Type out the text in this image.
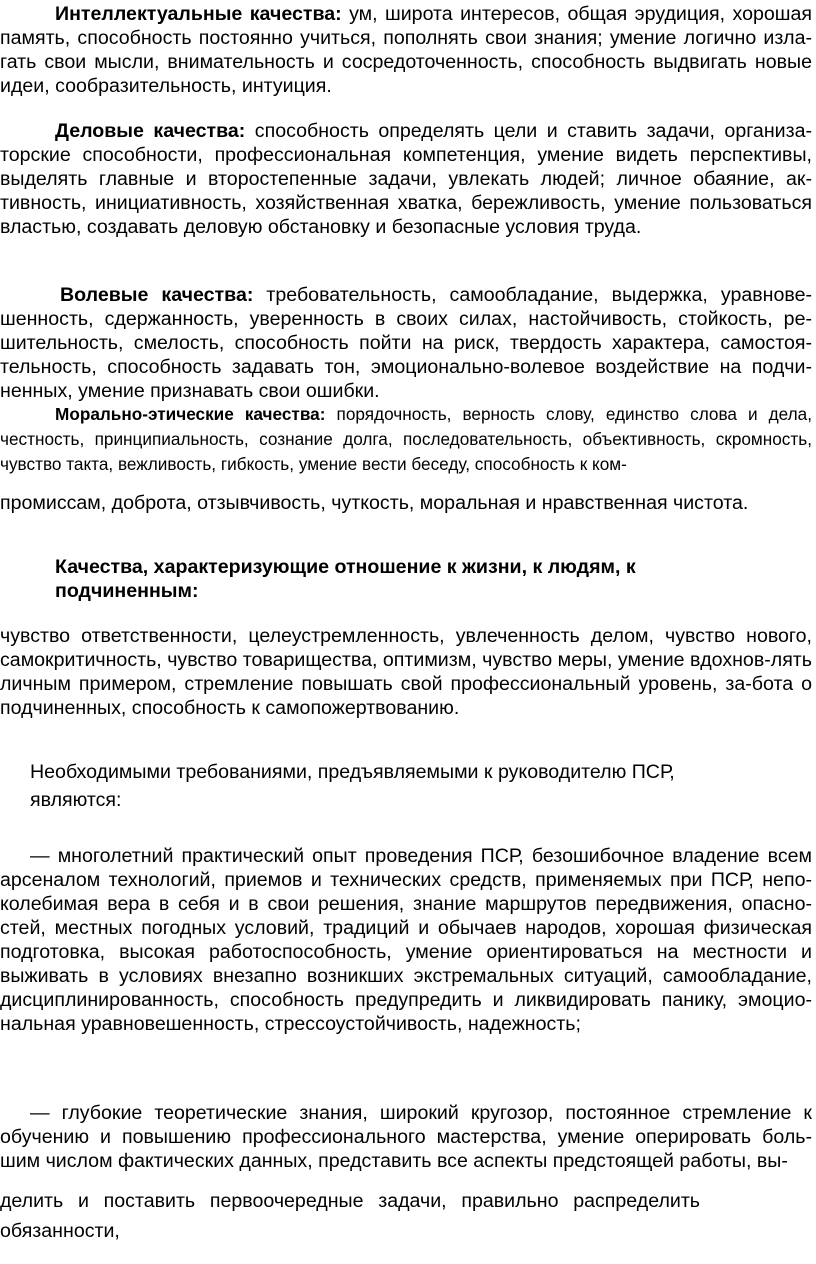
Интеллектуальные качества: ум, широта интересов, общая эрудиция, хорошая память, способность постоянно учиться, пополнять свои знания; умение логично изла-гать свои мысли, внимательность и сосредоточенность, способность выдвигать новые идеи, сообразительность, интуиция.

Деловые качества: способность определять цели и ставить задачи, организа-торские способности, профессиональная компетенция, умение видеть перспективы, выделять главные и второстепенные задачи, увлекать людей; личное обаяние, ак-тивность, инициативность, хозяйственная хватка, бережливость, умение пользоваться властью, создавать деловую обстановку и безопасные условия труда.

Волевые качества: требовательность, самообладание, выдержка, уравнове-шенность, сдержанность, уверенность в своих силах, настойчивость, стойкость, ре-шительность, смелость, способность пойти на риск, твердость характера, самостоя-тельность, способность задавать тон, эмоционально-волевое воздействие на подчи-ненных, умение признавать свои ошибки.

Морально-этические качества: порядочность, верность слову, единство слова и дела, честность, принципиальность, сознание долга, последовательность, объективность, скромность, чувство такта, вежливость, гибкость, умение вести беседу, способность к ком-

промиссам, доброта, отзывчивость, чуткость, моральная и нравственная чистота.

Качества, характеризующие отношение к жизни, к людям, к подчиненным:

чувство ответственности, целеустремленность, увлеченность делом, чувство нового, самокритичность, чувство товарищества, оптимизм, чувство меры, умение вдохнов-лять личным примером, стремление повышать свой профессиональный уровень, за-бота о подчиненных, способность к самопожертвованию.

Необходимыми требованиями, предъявляемыми к руководителю ПСР, являются:

— многолетний практический опыт проведения ПСР, безошибочное владение всем арсеналом технологий, приемов и технических средств, применяемых при ПСР, непо-колебимая вера в себя и в свои решения, знание маршрутов передвижения, опасно-стей, местных погодных условий, традиций и обычаев народов, хорошая физическая подготовка, высокая работоспособность, умение ориентироваться на местности и выживать в условиях внезапно возникших экстремальных ситуаций, самообладание, дисциплинированность, способность предупредить и ликвидировать панику, эмоцио-нальная уравновешенность, стрессоустойчивость, надежность;

— глубокие теоретические знания, широкий кругозор, постоянное стремление к обучению и повышению профессионального мастерства, умение оперировать боль-шим числом фактических данных, представить все аспекты предстоящей работы, вы-

делить и поставить первоочередные задачи, правильно распределить обязанности,
